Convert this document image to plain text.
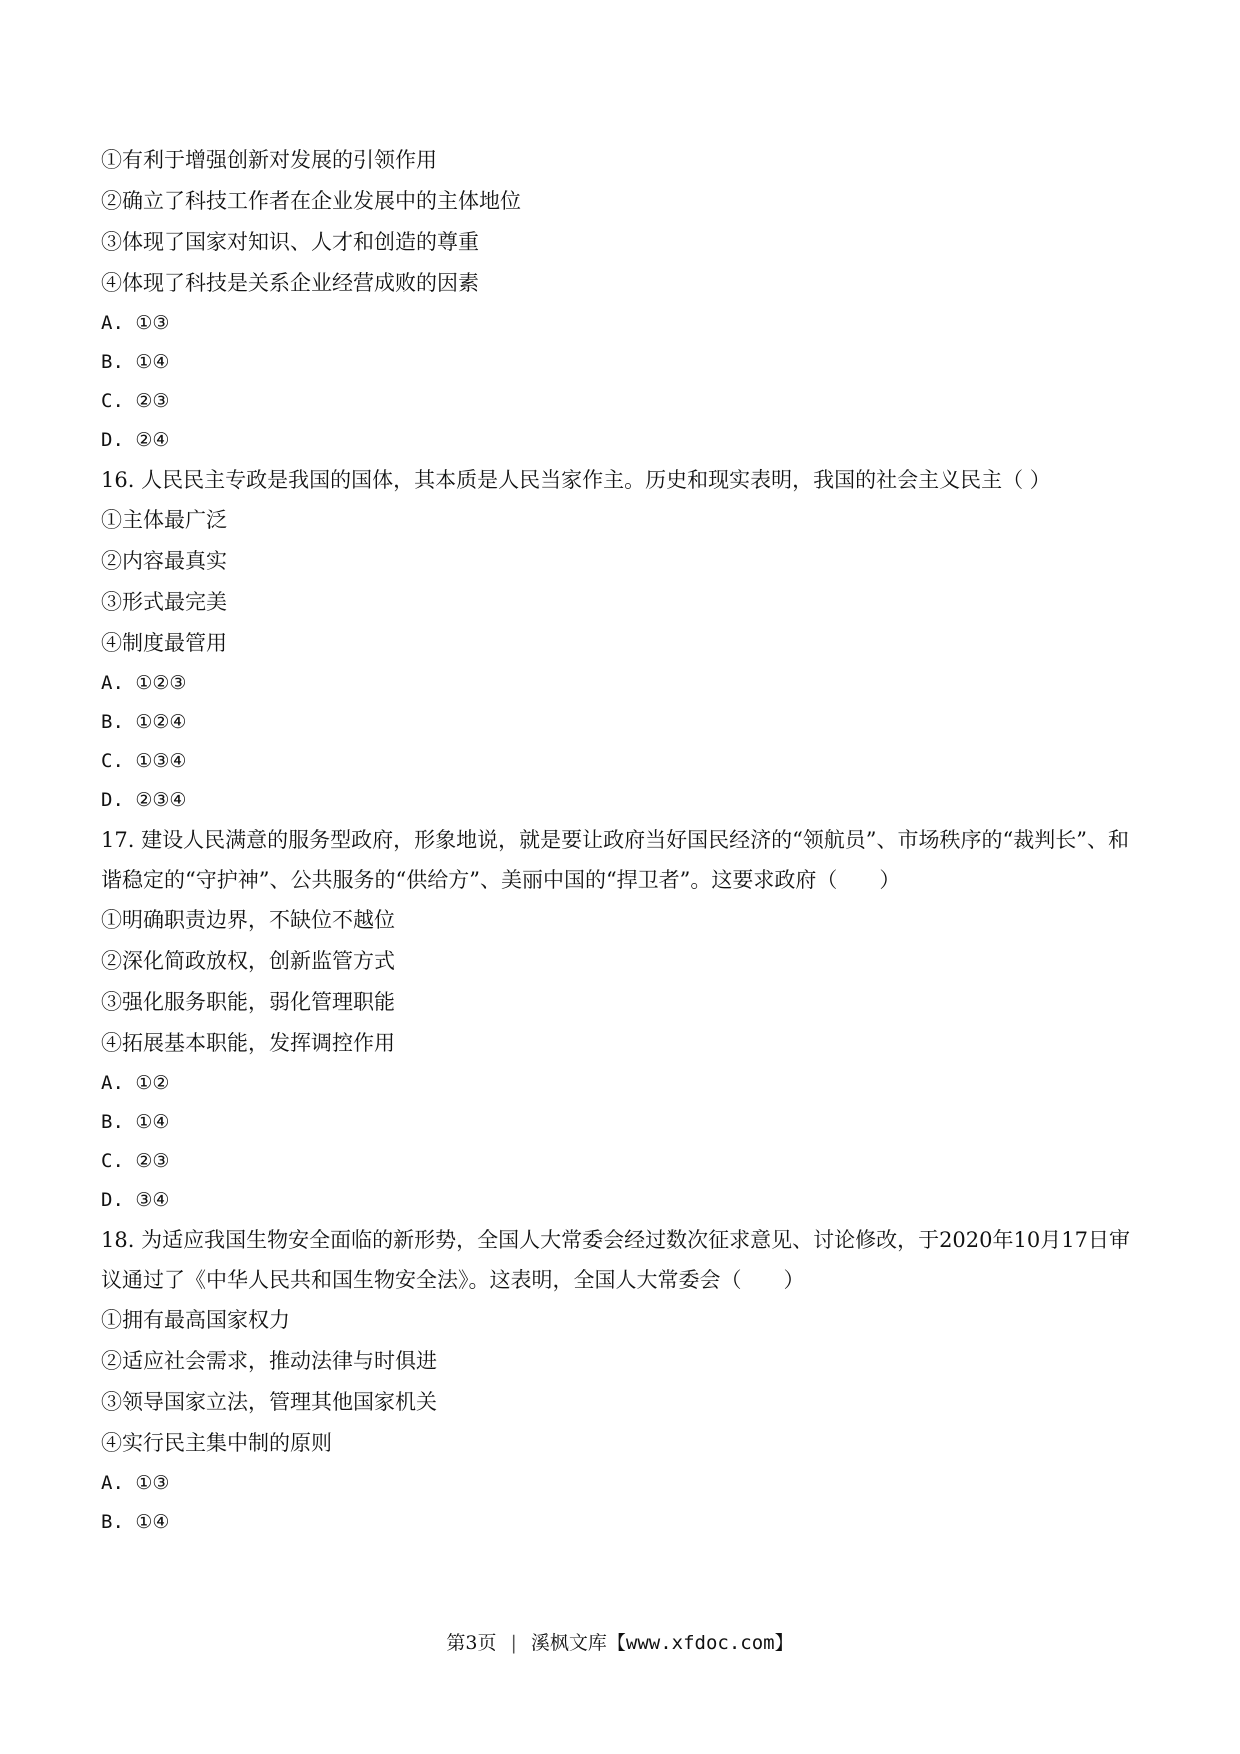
①有利于增强创新对发展的引领作用
②确立了科技工作者在企业发展中的主体地位
③体现了国家对知识、人才和创造的尊重
④体现了科技是关系企业经营成败的因素
A. ①③
B. ①④
C. ②③
D. ②④
16. 人民民主专政是我国的国体，其本质是人民当家作主。历史和现实表明，我国的社会主义民主（ ）
①主体最广泛
②内容最真实
③形式最完美
④制度最管用
A. ①②③
B. ①②④
C. ①③④
D. ②③④
17. 建设人民满意的服务型政府，形象地说，就是要让政府当好国民经济的“领航员”、市场秩序的“裁判长”、和谐稳定的“守护神”、公共服务的“供给方”、美丽中国的“捍卫者”。这要求政府（　　）
①明确职责边界，不缺位不越位
②深化简政放权，创新监管方式
③强化服务职能，弱化管理职能
④拓展基本职能，发挥调控作用
A. ①②
B. ①④
C. ②③
D. ③④
18. 为适应我国生物安全面临的新形势，全国人大常委会经过数次征求意见、讨论修改，于2020年10月17日审议通过了《中华人民共和国生物安全法》。这表明，全国人大常委会（　　）
①拥有最高国家权力
②适应社会需求，推动法律与时俱进
③领导国家立法，管理其他国家机关
④实行民主集中制的原则
A. ①③
B. ①④
第3页 | 溪枫文库【www.xfdoc.com】
